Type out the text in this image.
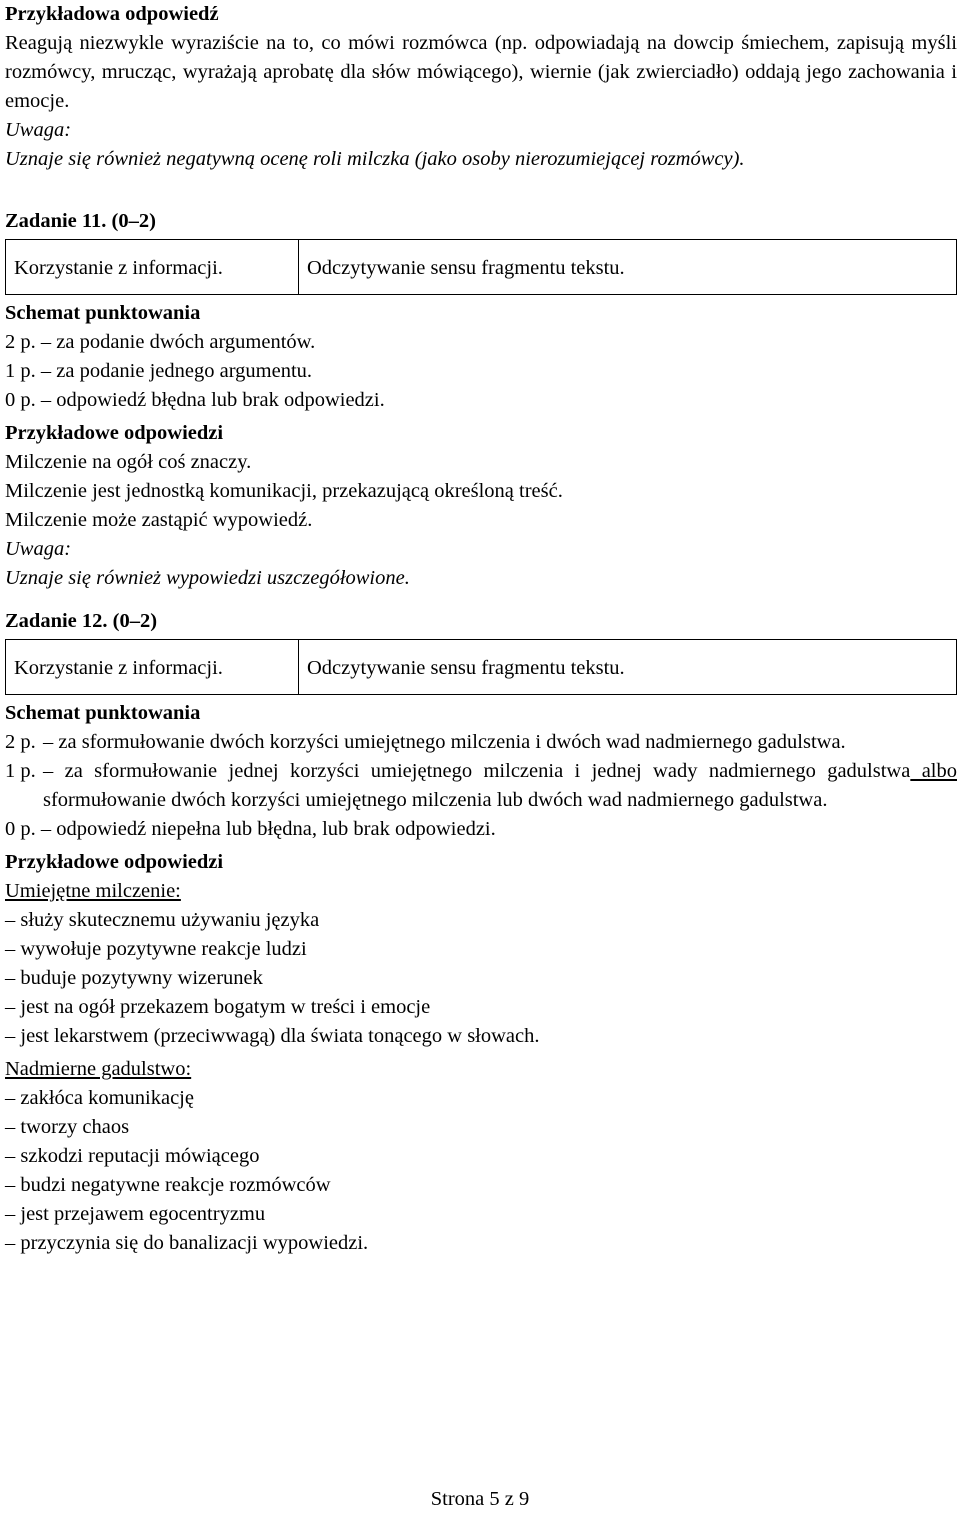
Przykładowa odpowiedź

Reagują niezwykle wyraziście na to, co mówi rozmówca (np. odpowiadają na dowcip śmiechem, zapisują myśli rozmówcy, mrucząc, wyrażają aprobatę dla słów mówiącego), wiernie (jak zwierciadło) oddają jego zachowania i emocje.

Uwaga:

Uznaje się również negatywną ocenę roli milczka (jako osoby nierozumiejącej rozmówcy).

Zadanie 11. (0–2)

Korzystanie z informacji.	Odczytywanie sensu fragmentu tekstu.

Schemat punktowania

2 p. – za podanie dwóch argumentów.

1 p. – za podanie jednego argumentu.

0 p. – odpowiedź błędna lub brak odpowiedzi.

Przykładowe odpowiedzi

Milczenie na ogół coś znaczy.

Milczenie jest jednostką komunikacji, przekazującą określoną treść.

Milczenie może zastąpić wypowiedź.

Uwaga:

Uznaje się również wypowiedzi uszczegółowione.

Zadanie 12. (0–2)

Korzystanie z informacji.	Odczytywanie sensu fragmentu tekstu.

Schemat punktowania

2 p. – za sformułowanie dwóch korzyści umiejętnego milczenia i dwóch wad nadmiernego gadulstwa.
1 p. – za sformułowanie jednej korzyści umiejętnego milczenia i jednej wady nadmiernego gadulstwa albo sformułowanie dwóch korzyści umiejętnego milczenia lub dwóch wad nadmiernego gadulstwa.

0 p. – odpowiedź niepełna lub błędna, lub brak odpowiedzi.

Przykładowe odpowiedzi

Umiejętne milczenie:

– służy skutecznemu używaniu języka

– wywołuje pozytywne reakcje ludzi

– buduje pozytywny wizerunek

– jest na ogół przekazem bogatym w treści i emocje

– jest lekarstwem (przeciwwagą) dla świata tonącego w słowach.

Nadmierne gadulstwo:

– zakłóca komunikację

– tworzy chaos

– szkodzi reputacji mówiącego

– budzi negatywne reakcje rozmówców

– jest przejawem egocentryzmu

– przyczynia się do banalizacji wypowiedzi.

Strona 5 z 9
